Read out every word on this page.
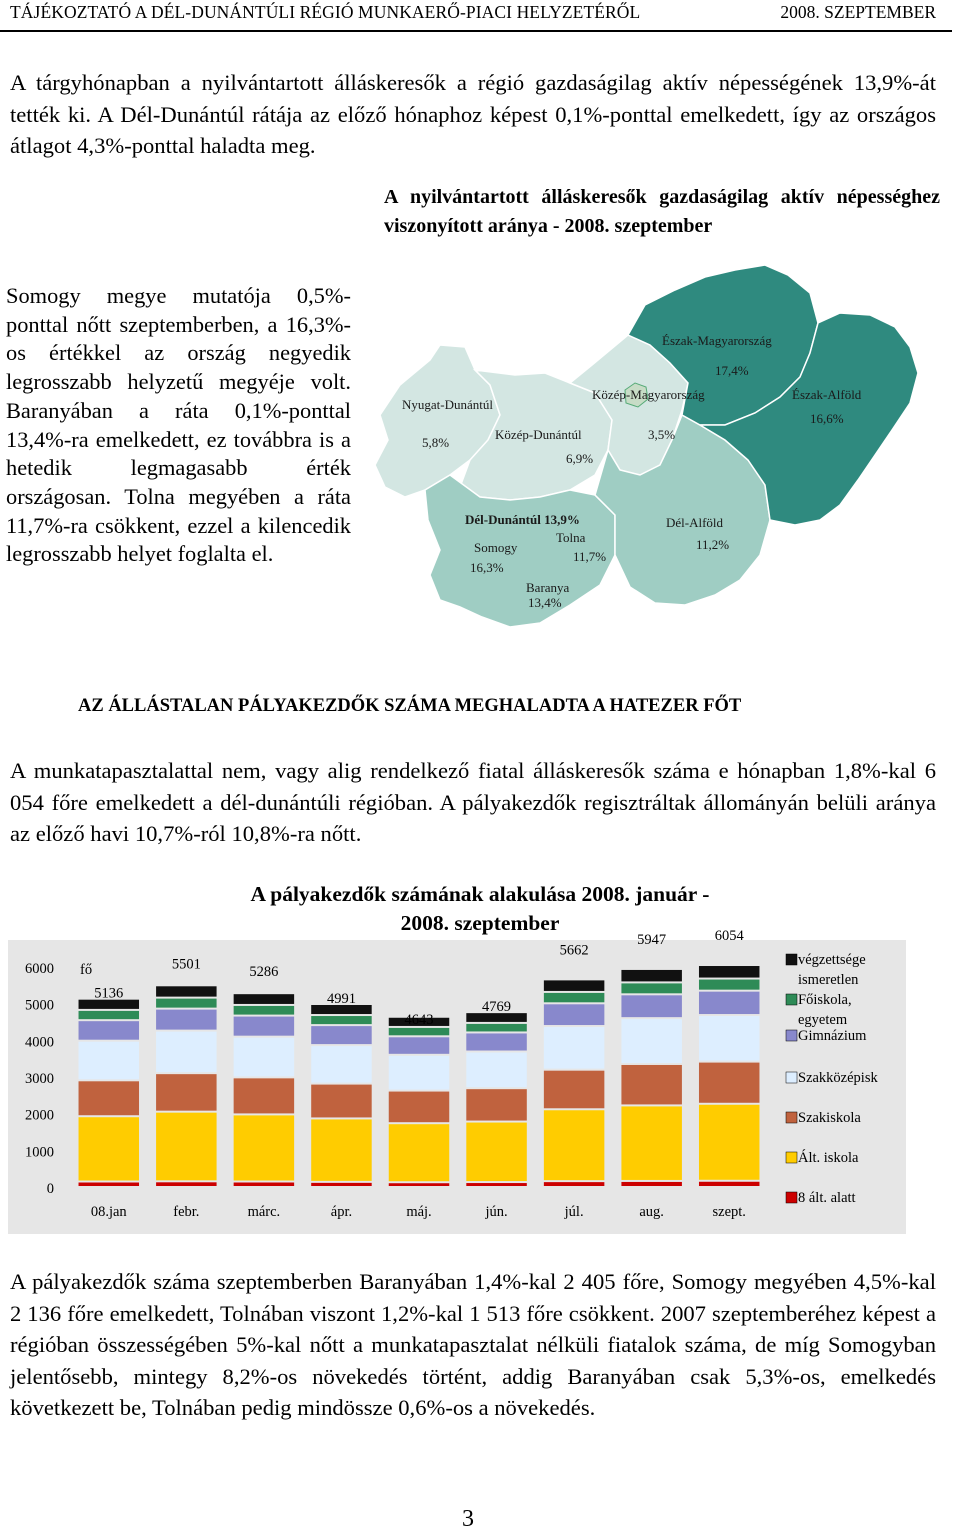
TÁJÉKOZTATÓ A DÉL-DUNÁNTÚLI RÉGIÓ MUNKAERŐ-PIACI HELYZETÉRŐL	2008. SZEPTEMBER

A tárgyhónapban a nyilvántartott álláskeresők a régió gazdaságilag aktív népességének 13,9%-át tették ki. A Dél-Dunántúl rátája az előző hónaphoz képest 0,1%-ponttal emelkedett, így az országos átlagot 4,3%-ponttal haladta meg.

A nyilvántartott álláskeresők gazdaságilag aktív népességhez viszonyított aránya - 2008. szeptember
Somogy megye mutatója 0,5%-ponttal nőtt szeptemberben, a 16,3%-os értékkel az ország negyedik legrosszabb helyzetű megyéje volt. Baranyában a ráta 0,1%-ponttal 13,4%-ra emelkedett, ez továbbra is a hetedik legmagasabb érték országosan. Tolna megyében a ráta 11,7%-ra csökkent, ezzel a kilencedik legrosszabb helyet foglalta el.
Észak-Magyarország
17,4%
Észak-Alföld
16,6%
Közép-Magyarország
3,5%
Nyugat-Dunántúl
5,8%
Közép-Dunántúl
6,9%
Dél-Alföld
11,2%
Dél-Dunántúl 13,9%
Tolna
11,7%
Somogy
16,3%
Baranya
13,4%
AZ ÁLLÁSTALAN PÁLYAKEZDŐK SZÁMA MEGHALADTA A HATEZER FŐT

A munkatapasztalattal nem, vagy alig rendelkező fiatal álláskeresők száma e hónapban 1,8%-kal 6 054 főre emelkedett a dél-dunántúli régióban. A pályakezdők regisztráltak állományán belüli aránya az előző havi 10,7%-ról 10,8%-ra nőtt.

A pályakezdők számának alakulása 2008. január - 2008. szeptember
0
1000
2000
3000
4000
5000
6000
5136
5501	5286
4991
4643
4769
5662
5947	6054
08.jan	febr.	márc.	ápr.	máj.	jún.	júl.	aug.	szept.
végzettsége ismeretlen
Főiskola, egyetem
Gimnázium
Szakközépisk
Szakiskola
Ált. iskola
8 ált. alatt
fő

A pályakezdők száma szeptemberben Baranyában 1,4%-kal 2 405 főre, Somogy megyében 4,5%-kal 2 136 főre emelkedett, Tolnában viszont 1,2%-kal 1 513 főre csökkent. 2007 szeptemberéhez képest a régióban összességében 5%-kal nőtt a munkatapasztalat nélküli fiatalok száma, de míg Somogyban jelentősebb, mintegy 8,2%-os növekedés történt, addig Baranyában csak 5,3%-os, emelkedés következett be, Tolnában pedig mindössze 0,6%-os a növekedés.

3
